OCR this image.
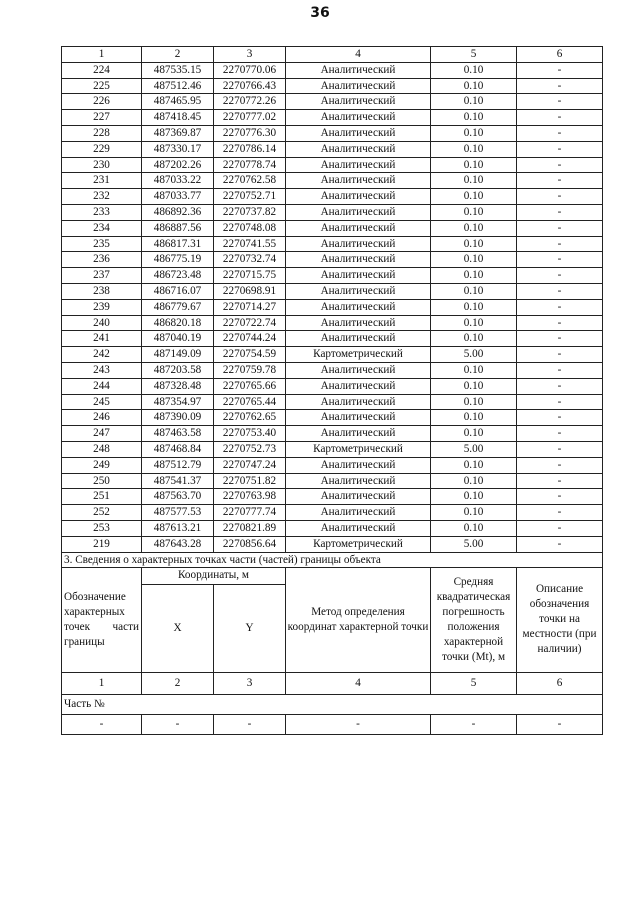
36
1	2	3	4	5	6
224	487535.15	2270770.06	Аналитический	0.10	-
225	487512.46	2270766.43	Аналитический	0.10	-
226	487465.95	2270772.26	Аналитический	0.10	-
227	487418.45	2270777.02	Аналитический	0.10	-
228	487369.87	2270776.30	Аналитический	0.10	-
229	487330.17	2270786.14	Аналитический	0.10	-
230	487202.26	2270778.74	Аналитический	0.10	-
231	487033.22	2270762.58	Аналитический	0.10	-
232	487033.77	2270752.71	Аналитический	0.10	-
233	486892.36	2270737.82	Аналитический	0.10	-
234	486887.56	2270748.08	Аналитический	0.10	-
235	486817.31	2270741.55	Аналитический	0.10	-
236	486775.19	2270732.74	Аналитический	0.10	-
237	486723.48	2270715.75	Аналитический	0.10	-
238	486716.07	2270698.91	Аналитический	0.10	-
239	486779.67	2270714.27	Аналитический	0.10	-
240	486820.18	2270722.74	Аналитический	0.10	-
241	487040.19	2270744.24	Аналитический	0.10	-
242	487149.09	2270754.59	Картометрический	5.00	-
243	487203.58	2270759.78	Аналитический	0.10	-
244	487328.48	2270765.66	Аналитический	0.10	-
245	487354.97	2270765.44	Аналитический	0.10	-
246	487390.09	2270762.65	Аналитический	0.10	-
247	487463.58	2270753.40	Аналитический	0.10	-
248	487468.84	2270752.73	Картометрический	5.00	-
249	487512.79	2270747.24	Аналитический	0.10	-
250	487541.37	2270751.82	Аналитический	0.10	-
251	487563.70	2270763.98	Аналитический	0.10	-
252	487577.53	2270777.74	Аналитический	0.10	-
253	487613.21	2270821.89	Аналитический	0.10	-
219	487643.28	2270856.64	Картометрический	5.00	-
3. Сведения о характерных точках части (частей) границы объекта					

Обозначение характерных точек части границы	Координаты, м		Метод определения координат характерной точки	Средняя квадратическая погрешность положения характерной точки (Mt), м	Описание обозначения точки на местности (при наличии)
	X	Y			
1	2	3	4	5	6
Часть №					
-	-	-	-	-	-
